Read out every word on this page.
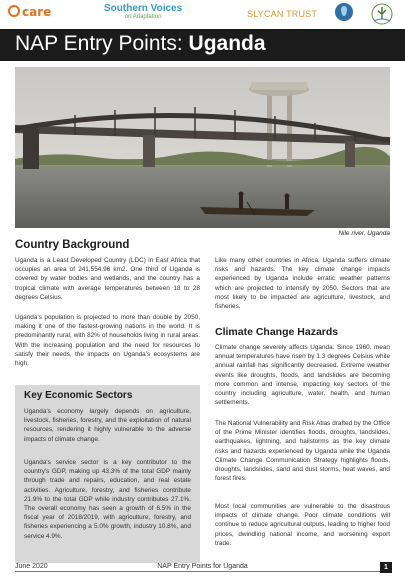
care	Southern Voices
on Adaptation	SLYCAN TRUST
NAP Entry Points: Uganda
Nile river, Uganda
Country Background

Uganda is a Least Developed Country (LDC) in East Africa that occupies an area of 241,554.96 km2. One third of Uganda is covered by water bodies and wetlands, and the country has a tropical climate with average temperatures between 18 to 28 degrees Celsius.

Uganda's population is projected to more than double by 2050, making it one of the fastest-growing nations in the world. It is predominantly rural, with 82% of households living in rural areas. With the increasing population and the need for resources to satisfy their needs, the impacts on Uganda's ecosystems are high.

Key Economic Sectors

Uganda's economy largely depends on agriculture, livestock, fisheries, forestry, and the exploitation of natural resources, rendering it highly vulnerable to the adverse impacts of climate change.

Uganda's service sector is a key contributor to the country's GDP, making up 43.3% of the total GDP mainly through trade and repairs, education, and real estate activities. Agriculture, forestry, and fisheries contribute 21.9% to the total GDP while industry contributes 27.1%. The overall economy has seen a growth of 6.5% in the fiscal year of 2018/2019, with agriculture, forestry, and fisheries experiencing a 5.0% growth, industry 10.8%, and service 4.9%.

Like many other countries in Africa, Uganda suffers climate risks and hazards. The key climate change impacts experienced by Uganda include erratic weather patterns which are projected to intensify by 2050. Sectors that are most likely to be impacted are agriculture, livestock, and fisheries.

Climate Change Hazards

Climate change severely affects Uganda. Since 1960, mean annual temperatures have risen by 1.3 degrees Celsius while annual rainfall has significantly decreased. Extreme weather events like droughts, floods, and landslides are becoming more common and intense, impacting key sectors of the country including agriculture, water, health, and human settlements.

The National Vulnerability and Risk Atlas drafted by the Office of the Prime Minister identifies floods, droughts, landslides, earthquakes, lightning, and hailstorms as the key climate risks and hazards experienced by Uganda while the Uganda Climate Change Communication Strategy highlights floods, droughts, landslides, sand and dust storms, heat waves, and forest fires.

Most local communities are vulnerable to the disastrous impacts of climate change. Poor climate conditions will continue to reduce agricultural outputs, leading to higher food prices, dwindling national income, and worsening export trade.

June 2020	NAP Entry Points for Uganda	1
